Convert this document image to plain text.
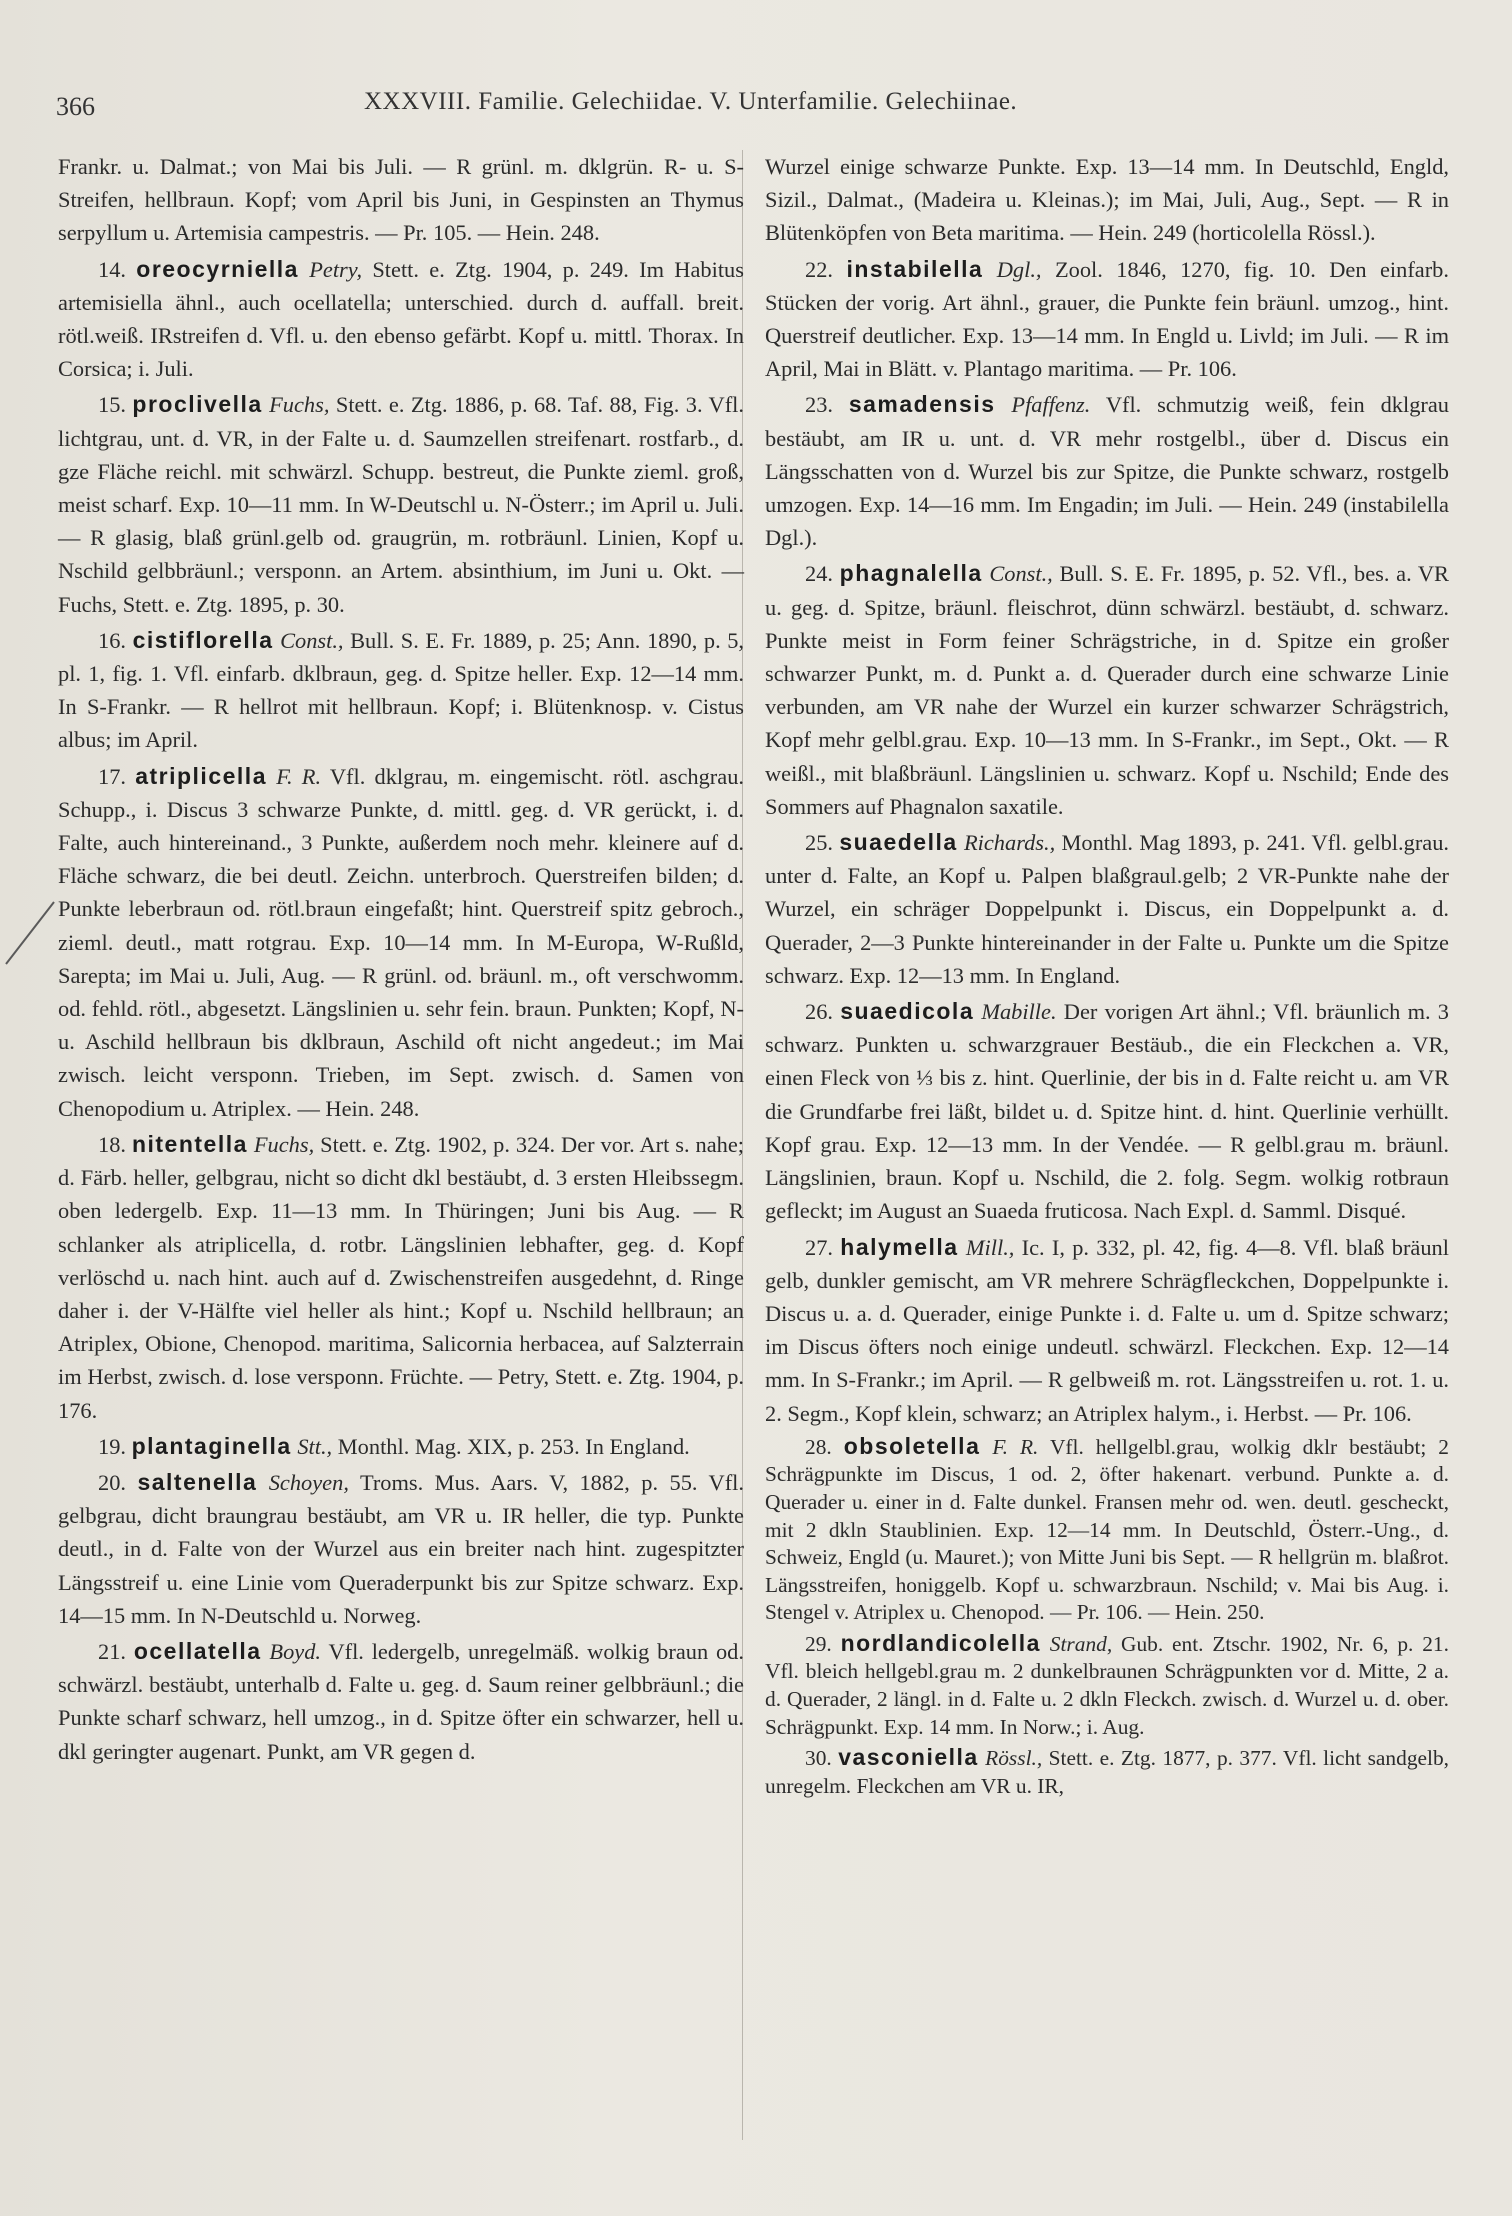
366	XXXVIII. Familie. Gelechiidae. V. Unterfamilie. Gelechiinae.

Frankr. u. Dalmat.; von Mai bis Juli. — R grünl. m. dklgrün. R- u. S-Streifen, hellbraun. Kopf; vom April bis Juni, in Gespinsten an Thymus serpyllum u. Artemisia campestris. — Pr. 105. — Hein. 248.

14. oreocyrniella Petry, Stett. e. Ztg. 1904, p. 249. Im Habitus artemisiella ähnl., auch ocellatella; unterschied. durch d. auffall. breit. rötl.weiß. IRstreifen d. Vfl. u. den ebenso gefärbt. Kopf u. mittl. Thorax. In Corsica; i. Juli.

15. proclivella Fuchs, Stett. e. Ztg. 1886, p. 68. Taf. 88, Fig. 3. Vfl. lichtgrau, unt. d. VR, in der Falte u. d. Saumzellen streifenart. rostfarb., d. gze Fläche reichl. mit schwärzl. Schupp. bestreut, die Punkte zieml. groß, meist scharf. Exp. 10—11 mm. In W-Deutschl u. N-Österr.; im April u. Juli. — R glasig, blaß grünl.gelb od. graugrün, m. rotbräunl. Linien, Kopf u. Nschild gelbbräunl.; versponn. an Artem. absinthium, im Juni u. Okt. — Fuchs, Stett. e. Ztg. 1895, p. 30.

16. cistiflorella Const., Bull. S. E. Fr. 1889, p. 25; Ann. 1890, p. 5, pl. 1, fig. 1. Vfl. einfarb. dklbraun, geg. d. Spitze heller. Exp. 12—14 mm. In S-Frankr. — R hellrot mit hellbraun. Kopf; i. Blütenknosp. v. Cistus albus; im April.

17. atriplicella F. R. Vfl. dklgrau, m. eingemischt. rötl. aschgrau. Schupp., i. Discus 3 schwarze Punkte, d. mittl. geg. d. VR gerückt, i. d. Falte, auch hintereinand., 3 Punkte, außerdem noch mehr. kleinere auf d. Fläche schwarz, die bei deutl. Zeichn. unterbroch. Querstreifen bilden; d. Punkte leberbraun od. rötl.braun eingefaßt; hint. Querstreif spitz gebroch., zieml. deutl., matt rotgrau. Exp. 10—14 mm. In M-Europa, W-Rußld, Sarepta; im Mai u. Juli, Aug. — R grünl. od. bräunl. m., oft verschwomm. od. fehld. rötl., abgesetzt. Längslinien u. sehr fein. braun. Punkten; Kopf, N- u. Aschild hellbraun bis dklbraun, Aschild oft nicht angedeut.; im Mai zwisch. leicht versponn. Trieben, im Sept. zwisch. d. Samen von Chenopodium u. Atriplex. — Hein. 248.

18. nitentella Fuchs, Stett. e. Ztg. 1902, p. 324. Der vor. Art s. nahe; d. Färb. heller, gelbgrau, nicht so dicht dkl bestäubt, d. 3 ersten Hleibssegm. oben ledergelb. Exp. 11—13 mm. In Thüringen; Juni bis Aug. — R schlanker als atriplicella, d. rotbr. Längslinien lebhafter, geg. d. Kopf verlöschd u. nach hint. auch auf d. Zwischenstreifen ausgedehnt, d. Ringe daher i. der V-Hälfte viel heller als hint.; Kopf u. Nschild hellbraun; an Atriplex, Obione, Chenopod. maritima, Salicornia herbacea, auf Salzterrain im Herbst, zwisch. d. lose versponn. Früchte. — Petry, Stett. e. Ztg. 1904, p. 176.

19. plantaginella Stt., Monthl. Mag. XIX, p. 253. In England.

20. saltenella Schoyen, Troms. Mus. Aars. V, 1882, p. 55. Vfl. gelbgrau, dicht braungrau bestäubt, am VR u. IR heller, die typ. Punkte deutl., in d. Falte von der Wurzel aus ein breiter nach hint. zugespitzter Längsstreif u. eine Linie vom Queraderpunkt bis zur Spitze schwarz. Exp. 14—15 mm. In N-Deutschld u. Norweg.

21. ocellatella Boyd. Vfl. ledergelb, unregelmäß. wolkig braun od. schwärzl. bestäubt, unterhalb d. Falte u. geg. d. Saum reiner gelbbräunl.; die Punkte scharf schwarz, hell umzog., in d. Spitze öfter ein schwarzer, hell u. dkl geringter augenart. Punkt, am VR gegen d.

Wurzel einige schwarze Punkte. Exp. 13—14 mm. In Deutschld, Engld, Sizil., Dalmat., (Madeira u. Kleinas.); im Mai, Juli, Aug., Sept. — R in Blütenköpfen von Beta maritima. — Hein. 249 (horticolella Rössl.).

22. instabilella Dgl., Zool. 1846, 1270, fig. 10. Den einfarb. Stücken der vorig. Art ähnl., grauer, die Punkte fein bräunl. umzog., hint. Querstreif deutlicher. Exp. 13—14 mm. In Engld u. Livld; im Juli. — R im April, Mai in Blätt. v. Plantago maritima. — Pr. 106.

23. samadensis Pfaffenz. Vfl. schmutzig weiß, fein dklgrau bestäubt, am IR u. unt. d. VR mehr rostgelbl., über d. Discus ein Längsschatten von d. Wurzel bis zur Spitze, die Punkte schwarz, rostgelb umzogen. Exp. 14—16 mm. Im Engadin; im Juli. — Hein. 249 (instabilella Dgl.).

24. phagnalella Const., Bull. S. E. Fr. 1895, p. 52. Vfl., bes. a. VR u. geg. d. Spitze, bräunl. fleischrot, dünn schwärzl. bestäubt, d. schwarz. Punkte meist in Form feiner Schrägstriche, in d. Spitze ein großer schwarzer Punkt, m. d. Punkt a. d. Querader durch eine schwarze Linie verbunden, am VR nahe der Wurzel ein kurzer schwarzer Schrägstrich, Kopf mehr gelbl.grau. Exp. 10—13 mm. In S-Frankr., im Sept., Okt. — R weißl., mit blaßbräunl. Längslinien u. schwarz. Kopf u. Nschild; Ende des Sommers auf Phagnalon saxatile.

25. suaedella Richards., Monthl. Mag 1893, p. 241. Vfl. gelbl.grau. unter d. Falte, an Kopf u. Palpen blaßgraul.gelb; 2 VR-Punkte nahe der Wurzel, ein schräger Doppelpunkt i. Discus, ein Doppelpunkt a. d. Querader, 2—3 Punkte hintereinander in der Falte u. Punkte um die Spitze schwarz. Exp. 12—13 mm. In England.

26. suaedicola Mabille. Der vorigen Art ähnl.; Vfl. bräunlich m. 3 schwarz. Punkten u. schwarzgrauer Bestäub., die ein Fleckchen a. VR, einen Fleck von ⅓ bis z. hint. Querlinie, der bis in d. Falte reicht u. am VR die Grundfarbe frei läßt, bildet u. d. Spitze hint. d. hint. Querlinie verhüllt. Kopf grau. Exp. 12—13 mm. In der Vendée. — R gelbl.grau m. bräunl. Längslinien, braun. Kopf u. Nschild, die 2. folg. Segm. wolkig rotbraun gefleckt; im August an Suaeda fruticosa. Nach Expl. d. Samml. Disqué.

27. halymella Mill., Ic. I, p. 332, pl. 42, fig. 4—8. Vfl. blaß bräunl gelb, dunkler gemischt, am VR mehrere Schrägfleckchen, Doppelpunkte i. Discus u. a. d. Querader, einige Punkte i. d. Falte u. um d. Spitze schwarz; im Discus öfters noch einige undeutl. schwärzl. Fleckchen. Exp. 12—14 mm. In S-Frankr.; im April. — R gelbweiß m. rot. Längsstreifen u. rot. 1. u. 2. Segm., Kopf klein, schwarz; an Atriplex halym., i. Herbst. — Pr. 106.

28. obsoletella F. R. Vfl. hellgelbl.grau, wolkig dklr bestäubt; 2 Schrägpunkte im Discus, 1 od. 2, öfter hakenart. verbund. Punkte a. d. Querader u. einer in d. Falte dunkel. Fransen mehr od. wen. deutl. gescheckt, mit 2 dkln Staublinien. Exp. 12—14 mm. In Deutschld, Österr.-Ung., d. Schweiz, Engld (u. Mauret.); von Mitte Juni bis Sept. — R hellgrün m. blaßrot. Längsstreifen, honiggelb. Kopf u. schwarzbraun. Nschild; v. Mai bis Aug. i. Stengel v. Atriplex u. Chenopod. — Pr. 106. — Hein. 250.

29. nordlandicolella Strand, Gub. ent. Ztschr. 1902, Nr. 6, p. 21. Vfl. bleich hellgebl.grau m. 2 dunkelbraunen Schrägpunkten vor d. Mitte, 2 a. d. Querader, 2 längl. in d. Falte u. 2 dkln Fleckch. zwisch. d. Wurzel u. d. ober. Schrägpunkt. Exp. 14 mm. In Norw.; i. Aug.

30. vasconiella Rössl., Stett. e. Ztg. 1877, p. 377. Vfl. licht sandgelb, unregelm. Fleckchen am VR u. IR,
